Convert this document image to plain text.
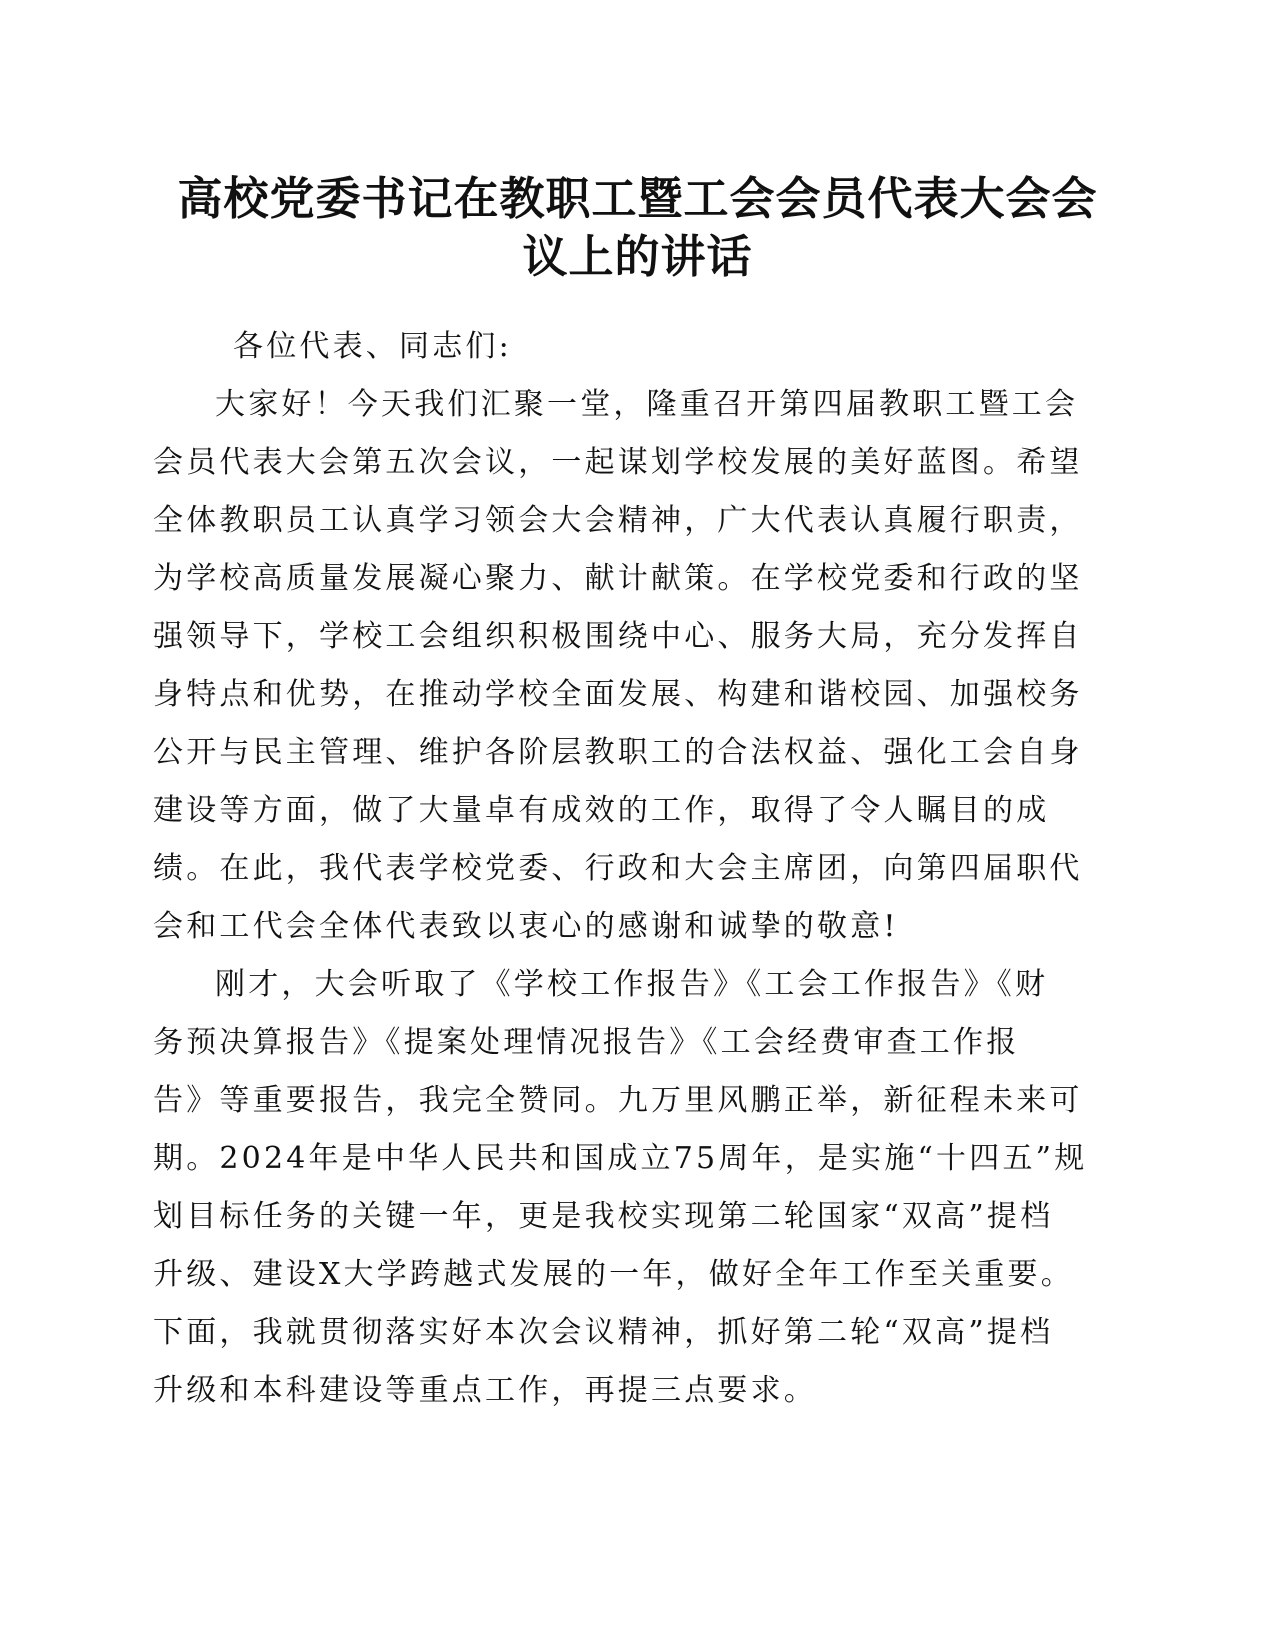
高校党委书记在教职工暨工会会员代表大会会
议上的讲话
各位代表、同志们:
大家好！今天我们汇聚一堂，隆重召开第四届教职工暨工会
会员代表大会第五次会议，一起谋划学校发展的美好蓝图。希望
全体教职员工认真学习领会大会精神，广大代表认真履行职责，
为学校高质量发展凝心聚力、献计献策。在学校党委和行政的坚
强领导下，学校工会组织积极围绕中心、服务大局，充分发挥自
身特点和优势，在推动学校全面发展、构建和谐校园、加强校务
公开与民主管理、维护各阶层教职工的合法权益、强化工会自身
建设等方面，做了大量卓有成效的工作，取得了令人瞩目的成
绩。在此，我代表学校党委、行政和大会主席团，向第四届职代
会和工代会全体代表致以衷心的感谢和诚挚的敬意!
刚才，大会听取了《学校工作报告》《工会工作报告》《财
务预决算报告》《提案处理情况报告》《工会经费审查工作报
告》等重要报告，我完全赞同。九万里风鹏正举，新征程未来可
期。2024年是中华人民共和国成立75周年，是实施“十四五”规
划目标任务的关键一年，更是我校实现第二轮国家“双高”提档
升级、建设X大学跨越式发展的一年，做好全年工作至关重要。
下面，我就贯彻落实好本次会议精神，抓好第二轮“双高”提档
升级和本科建设等重点工作，再提三点要求。
